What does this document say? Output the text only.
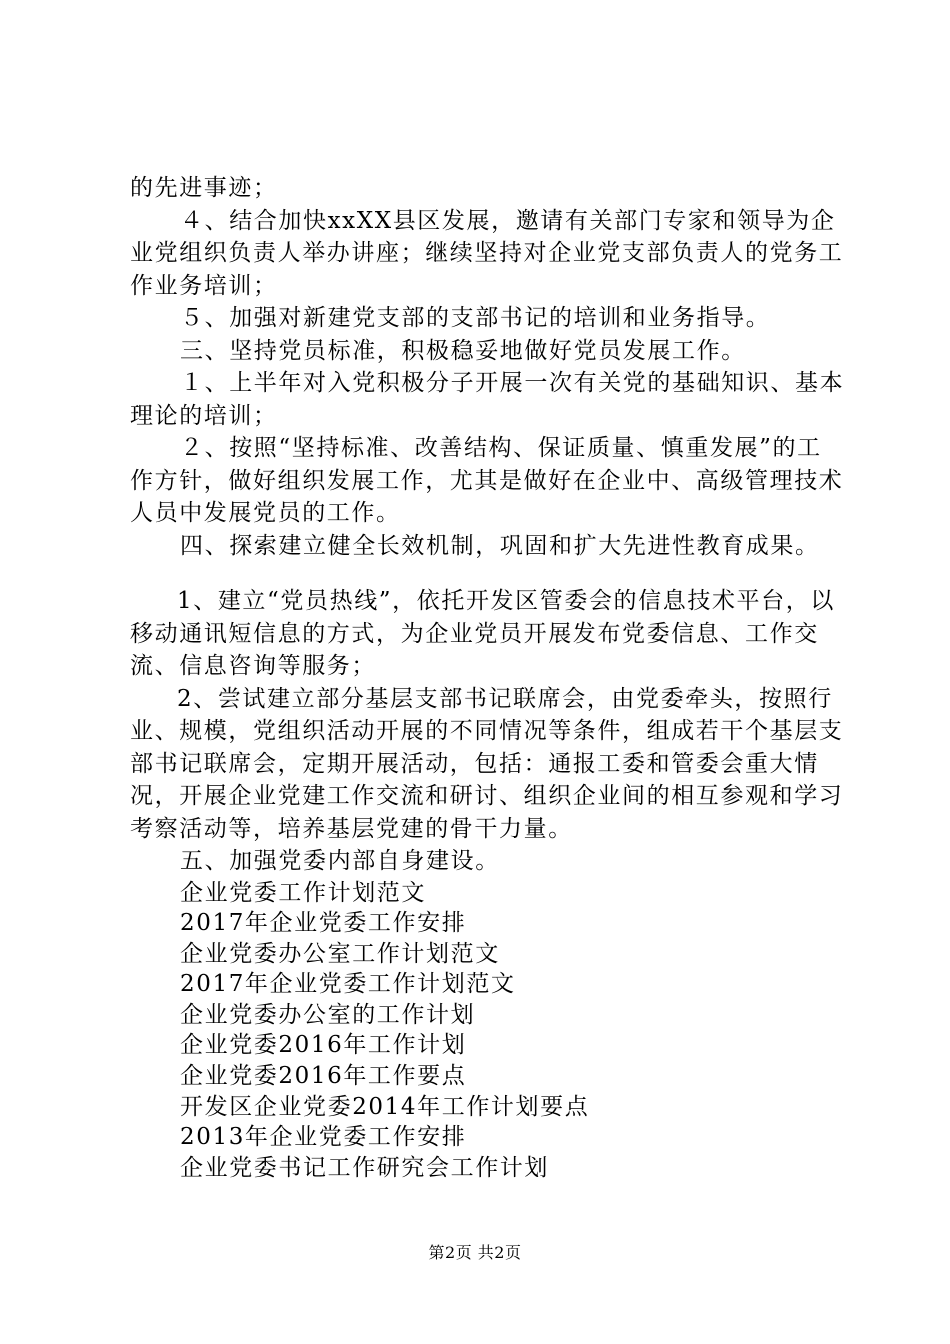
的先进事迹；

４、结合加快xxXX县区发展，邀请有关部门专家和领导为企业党组织负责人举办讲座；继续坚持对企业党支部负责人的党务工作业务培训；

５、加强对新建党支部的支部书记的培训和业务指导。

三、坚持党员标准，积极稳妥地做好党员发展工作。

１、上半年对入党积极分子开展一次有关党的基础知识、基本理论的培训；

２、按照“坚持标准、改善结构、保证质量、慎重发展”的工作方针，做好组织发展工作，尤其是做好在企业中、高级管理技术人员中发展党员的工作。

四、探索建立健全长效机制，巩固和扩大先进性教育成果。

1、建立“党员热线”，依托开发区管委会的信息技术平台，以移动通讯短信息的方式，为企业党员开展发布党委信息、工作交流、信息咨询等服务；

2、尝试建立部分基层支部书记联席会，由党委牵头，按照行业、规模，党组织活动开展的不同情况等条件，组成若干个基层支部书记联席会，定期开展活动，包括：通报工委和管委会重大情况，开展企业党建工作交流和研讨、组织企业间的相互参观和学习考察活动等，培养基层党建的骨干力量。

五、加强党委内部自身建设。

企业党委工作计划范文

2017年企业党委工作安排

企业党委办公室工作计划范文

2017年企业党委工作计划范文

企业党委办公室的工作计划

企业党委2016年工作计划

企业党委2016年工作要点

开发区企业党委2014年工作计划要点

2013年企业党委工作安排

企业党委书记工作研究会工作计划

第2页 共2页
